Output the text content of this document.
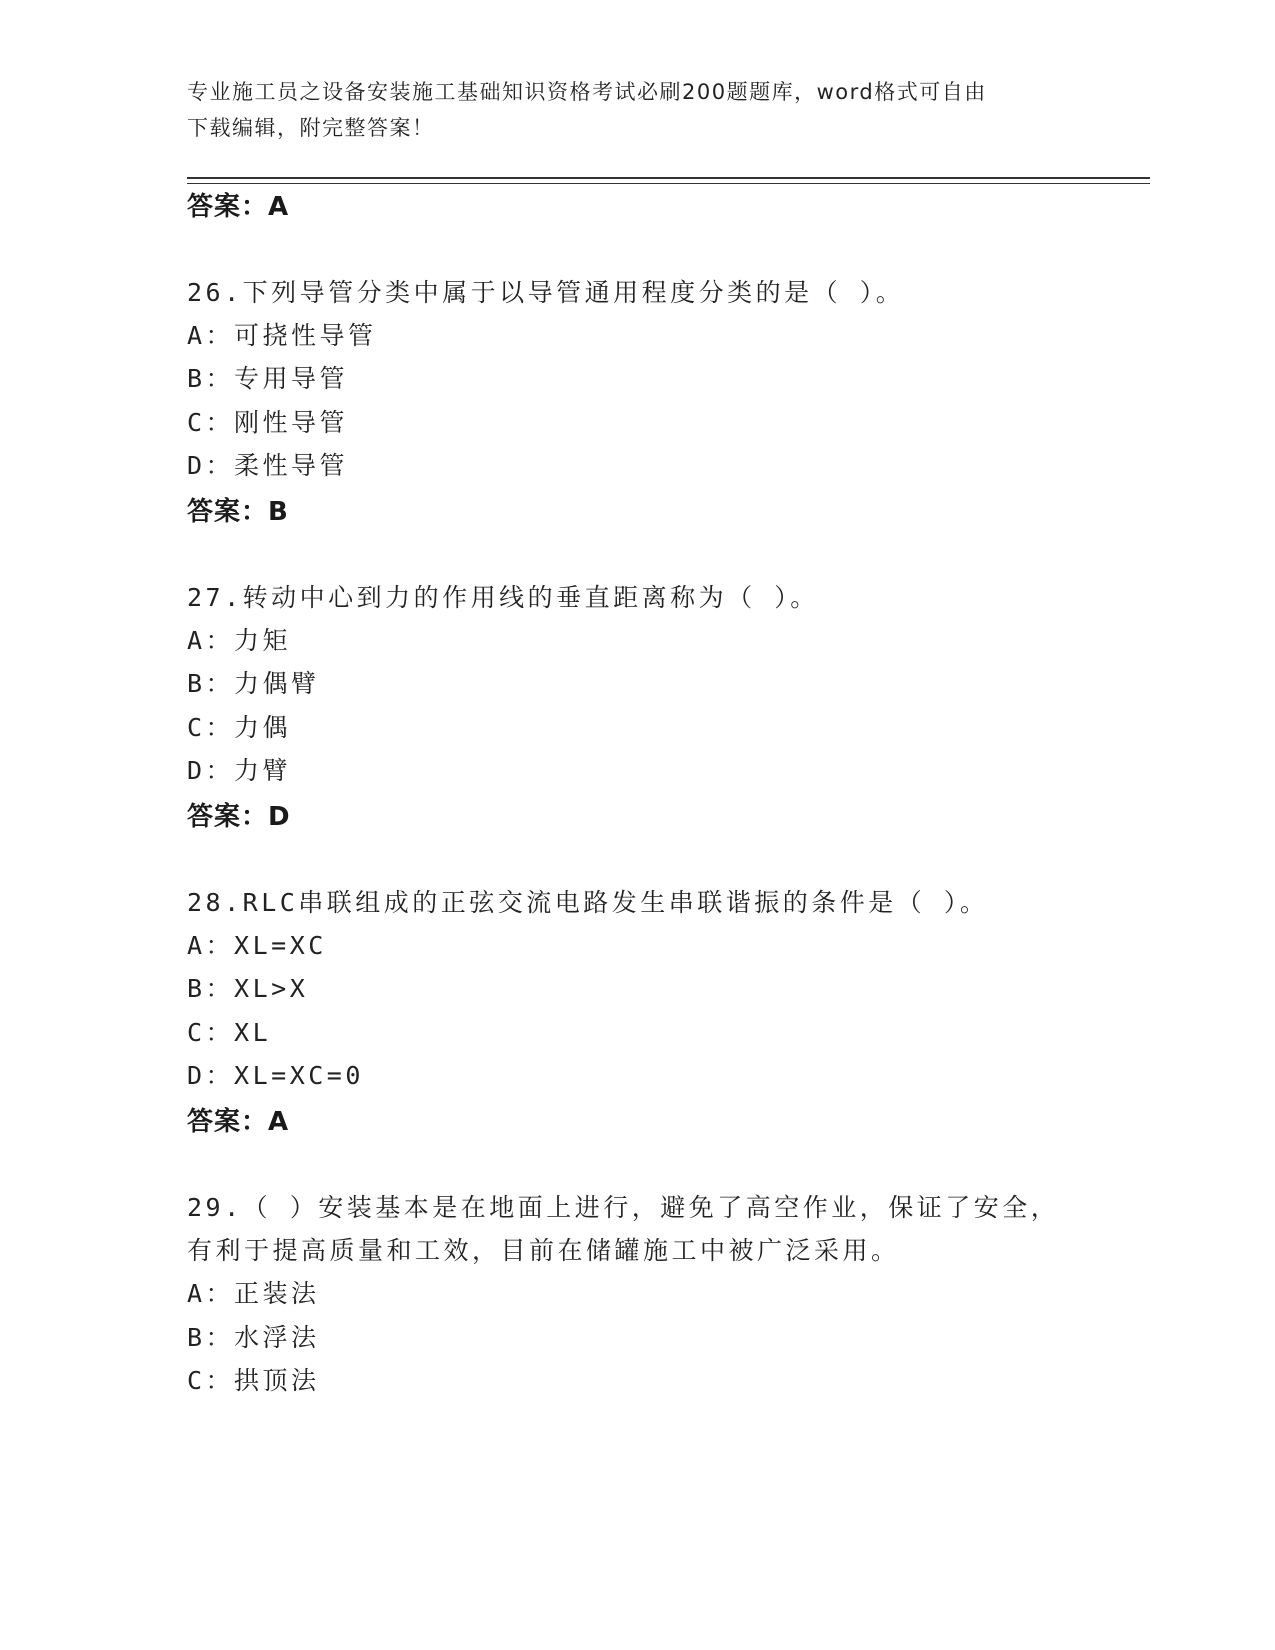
专业施工员之设备安装施工基础知识资格考试必刷200题题库，word格式可自由
下载编辑，附完整答案！
答案：A
26.下列导管分类中属于以导管通用程度分类的是（ ）。
A：可挠性导管
B：专用导管
C：刚性导管
D：柔性导管
答案：B
27.转动中心到力的作用线的垂直距离称为（ ）。
A：力矩
B：力偶臂
C：力偶
D：力臂
答案：D
28.RLC串联组成的正弦交流电路发生串联谐振的条件是（ ）。
A：XL=XC
B：XL>X
C：XL
D：XL=XC=0
答案：A
29.（ ）安装基本是在地面上进行，避免了高空作业，保证了安全，
有利于提高质量和工效，目前在储罐施工中被广泛采用。
A：正装法
B：水浮法
C：拱顶法
